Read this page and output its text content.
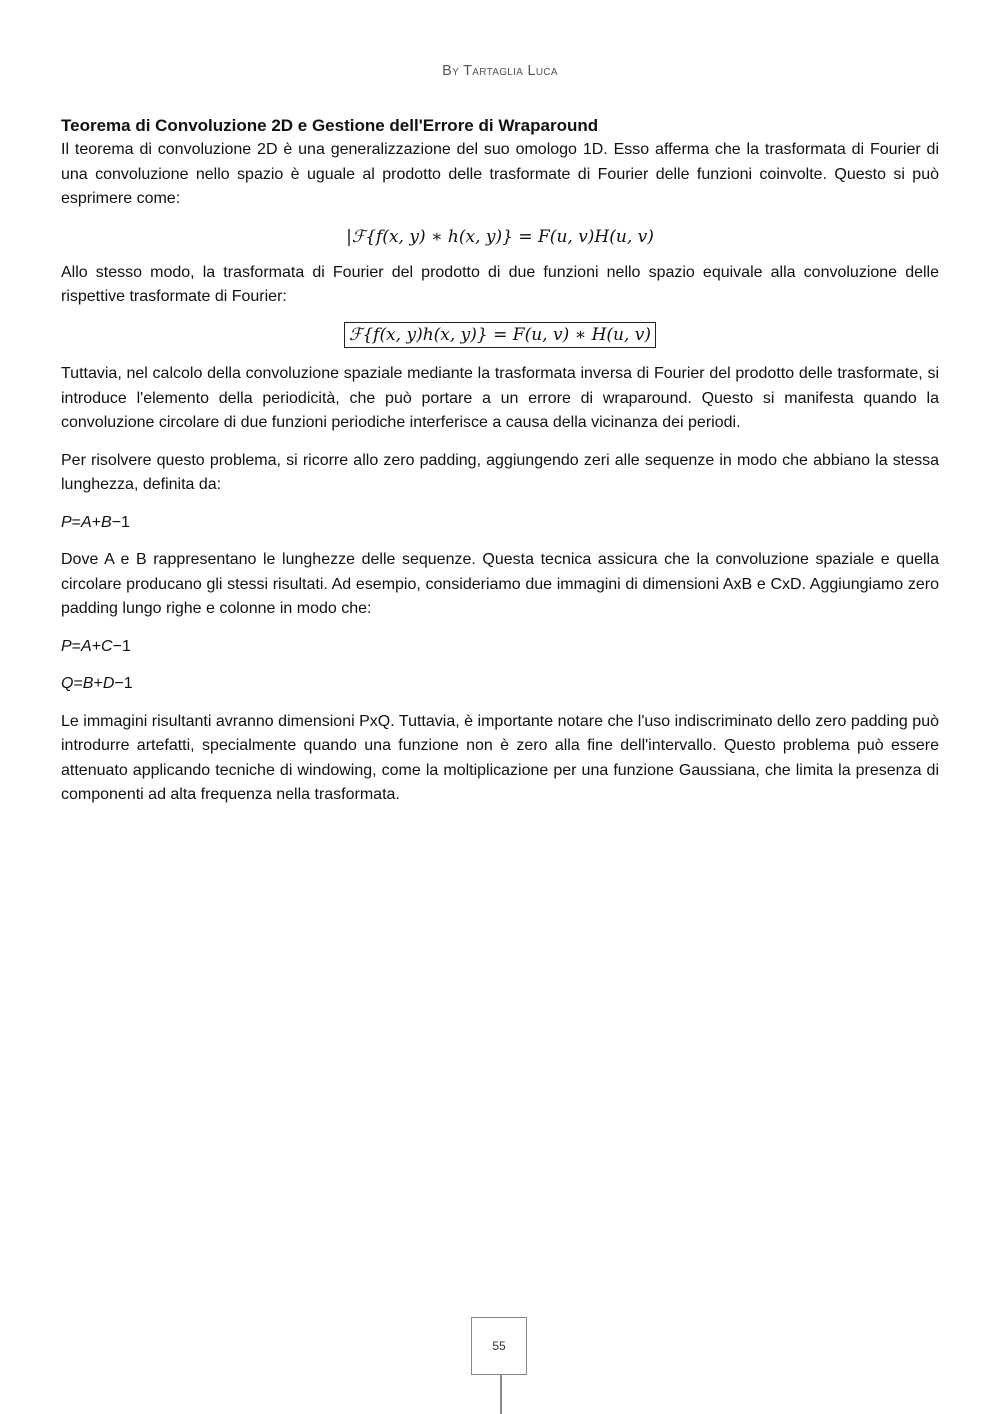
By Tartaglia Luca
Teorema di Convoluzione 2D e Gestione dell'Errore di Wraparound

Il teorema di convoluzione 2D è una generalizzazione del suo omologo 1D. Esso afferma che la trasformata di Fourier di una convoluzione nello spazio è uguale al prodotto delle trasformate di Fourier delle funzioni coinvolte. Questo si può esprimere come:

|ℱ{f(x, y) ∗ h(x, y)} = F(u, v)H(u, v)

Allo stesso modo, la trasformata di Fourier del prodotto di due funzioni nello spazio equivale alla convoluzione delle rispettive trasformate di Fourier:

ℱ{f(x, y)h(x, y)} = F(u, v) ∗ H(u, v)

Tuttavia, nel calcolo della convoluzione spaziale mediante la trasformata inversa di Fourier del prodotto delle trasformate, si introduce l'elemento della periodicità, che può portare a un errore di wraparound. Questo si manifesta quando la convoluzione circolare di due funzioni periodiche interferisce a causa della vicinanza dei periodi.

Per risolvere questo problema, si ricorre allo zero padding, aggiungendo zeri alle sequenze in modo che abbiano la stessa lunghezza, definita da:

P=A+B−1

Dove A e B rappresentano le lunghezze delle sequenze. Questa tecnica assicura che la convoluzione spaziale e quella circolare producano gli stessi risultati. Ad esempio, consideriamo due immagini di dimensioni AxB e CxD. Aggiungiamo zero padding lungo righe e colonne in modo che:

P=A+C−1
Q=B+D−1

Le immagini risultanti avranno dimensioni PxQ. Tuttavia, è importante notare che l'uso indiscriminato dello zero padding può introdurre artefatti, specialmente quando una funzione non è zero alla fine dell'intervallo. Questo problema può essere attenuato applicando tecniche di windowing, come la moltiplicazione per una funzione Gaussiana, che limita la presenza di componenti ad alta frequenza nella trasformata.

55
